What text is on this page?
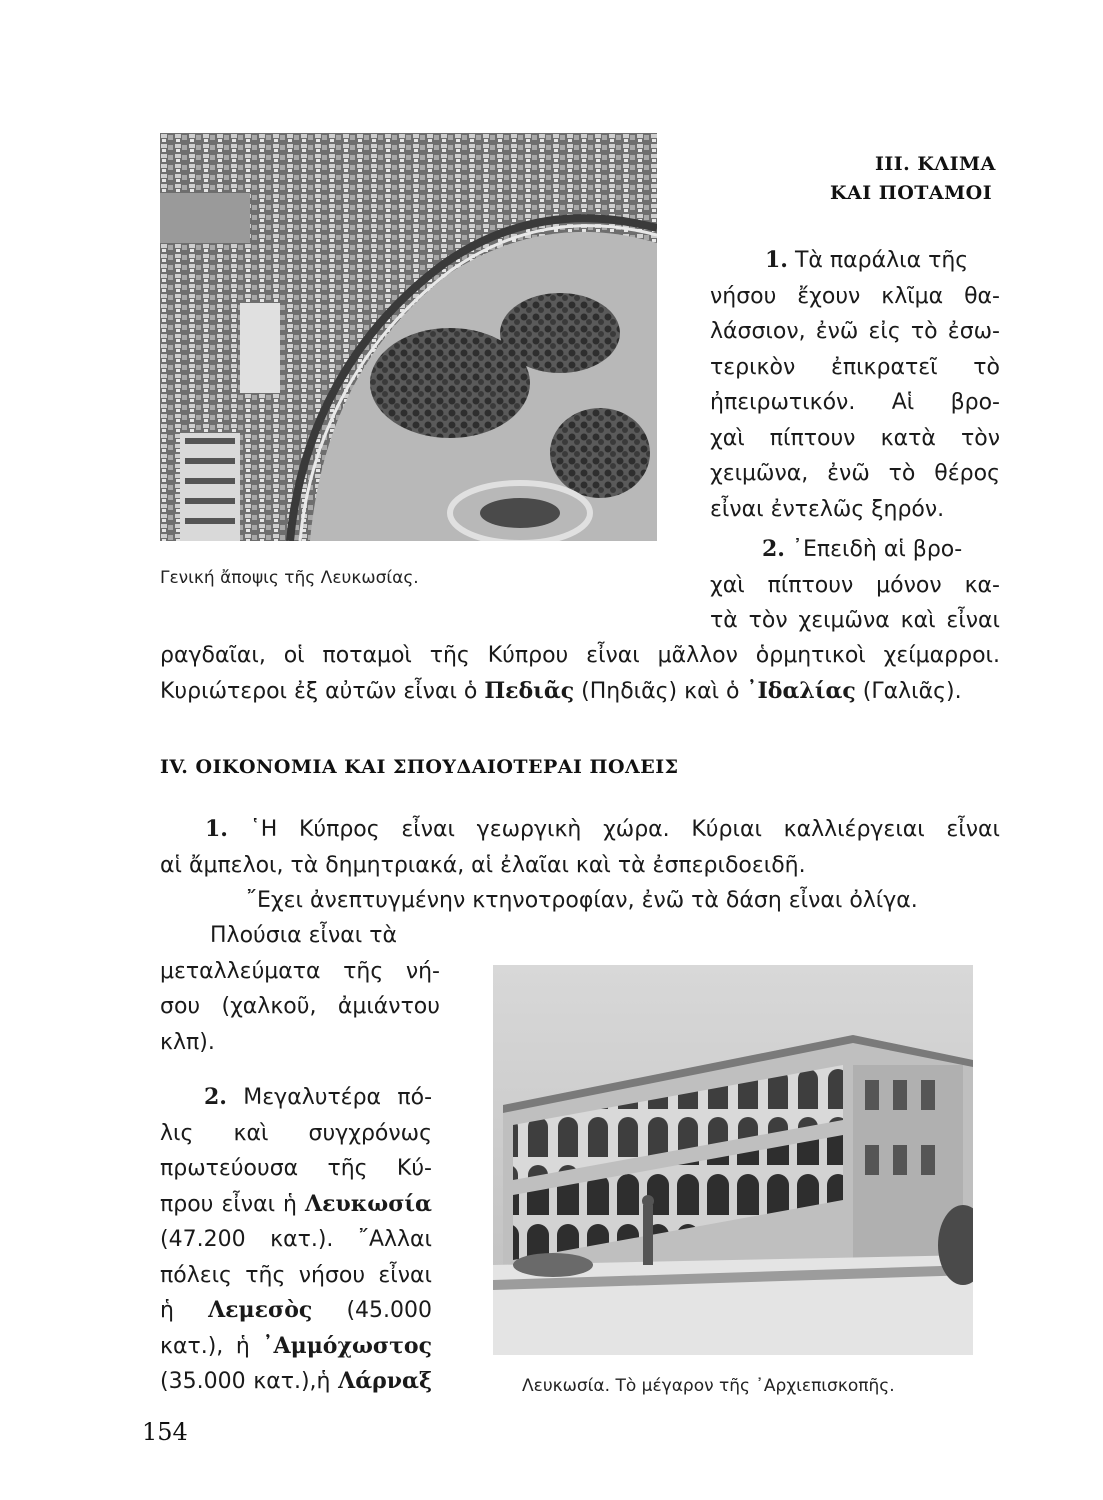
Γενική ἄποψις τῆς Λευκωσίας.
III. ΚΛΙΜΑ
ΚΑΙ ΠΟΤΑΜΟΙ
1. Τὰ παράλια τῆς
νήσου ἔχουν κλῖμα θα-
λάσσιον, ἐνῶ εἰς τὸ ἐσω-
τερικὸν ἐπικρατεῖ τὸ
ἠπειρωτικόν. Αἱ βρο-
χαὶ πίπτουν κατὰ τὸν
χειμῶνα, ἐνῶ τὸ θέρος
εἶναι ἐντελῶς ξηρόν.
2. ᾽Επειδὴ αἱ βρο-
χαὶ πίπτουν μόνον κα-
τὰ τὸν χειμῶνα καὶ εἶναι
ραγδαῖαι, οἱ ποταμοὶ τῆς Κύπρου εἶναι μᾶλλον ὁρμητικοὶ χείμαρροι.
Κυριώτεροι ἐξ αὐτῶν εἶναι ὁ Πεδιᾶς (Πηδιᾶς) καὶ ὁ ᾽Ιδαλίας (Γαλιᾶς).
IV. ΟΙΚΟΝΟΜΙΑ ΚΑΙ ΣΠΟΥΔΑΙΟΤΕΡΑΙ ΠΟΛΕΙΣ
1. ῾Η Κύπρος εἶναι γεωργικὴ χώρα. Κύριαι καλλιέργειαι εἶναι
αἱ ἄμπελοι, τὰ δημητριακά, αἱ ἐλαῖαι καὶ τὰ ἐσπεριδοειδῆ.
῎Εχει ἀνεπτυγμένην κτηνοτροφίαν, ἐνῶ τὰ δάση εἶναι ὀλίγα.
Πλούσια εἶναι τὰ
μεταλλεύματα τῆς νή-
σου (χαλκοῦ, ἀμιάντου
κλπ).
2. Μεγαλυτέρα πό-
λις καὶ συγχρόνως
πρωτεύουσα τῆς Κύ-
πρου εἶναι ἡ Λευκωσία
(47.200 κατ.). ῎Αλλαι
πόλεις τῆς νήσου εἶναι
ἡ Λεμεσὸς (45.000
κατ.), ἡ ᾽Αμμόχωστος
(35.000 κατ.),ἡ Λάρναξ	Λευκωσία. Τὸ μέγαρον τῆς ᾽Αρχιεπισκοπῆς.
154
